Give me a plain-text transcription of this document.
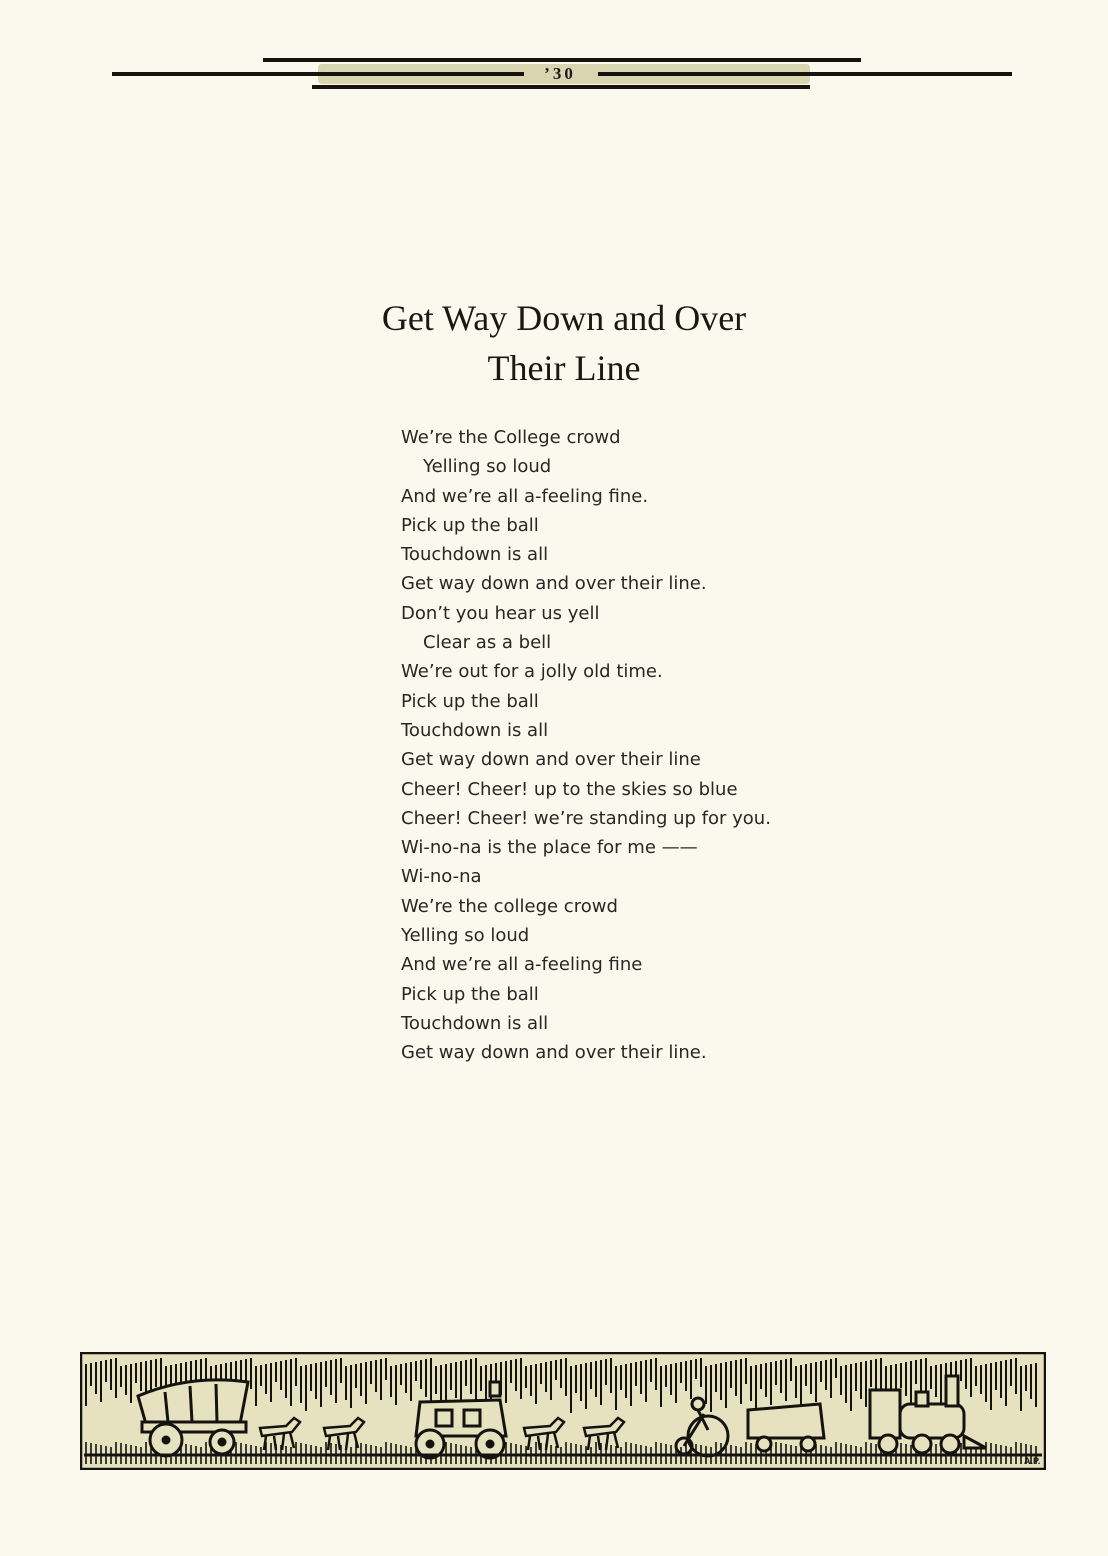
’30
Get Way Down and Over
Their Line
We’re the College crowd
Yelling so loud
And we’re all a-feeling fine.
Pick up the ball
Touchdown is all
Get way down and over their line.
Don’t you hear us yell
Clear as a bell
We’re out for a jolly old time.
Pick up the ball
Touchdown is all
Get way down and over their line
Cheer! Cheer! up to the skies so blue
Cheer! Cheer! we’re standing up for you.
Wi-no-na is the place for me ——
Wi-no-na
We’re the college crowd
Yelling so loud
And we’re all a-feeling fine
Pick up the ball
Touchdown is all
Get way down and over their line.
A.P.
